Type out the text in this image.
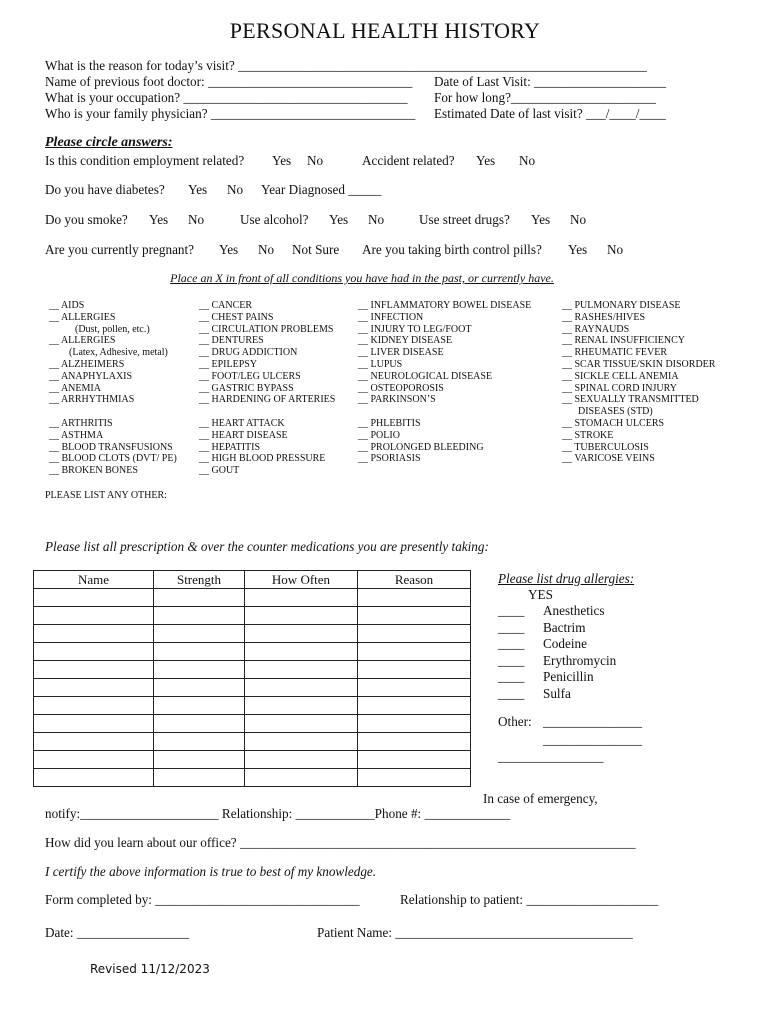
PERSONAL HEALTH HISTORY
What is the reason for today’s visit? ______________________________________________________________
Name of previous foot doctor: _______________________________ Date of Last Visit: ____________________
What is your occupation? __________________________________ For how long?______________________
Who is your family physician? _______________________________ Estimated Date of last visit? ___/____/____
Please circle answers:
Is this condition employment related? Yes No	Accident related? Yes No
Do you have diabetes? Yes No Year Diagnosed _____
Do you smoke? Yes No	Use alcohol? Yes No	Use street drugs? Yes No
Are you currently pregnant? Yes No Not Sure Are you taking birth control pills? Yes No
Place an X in front of all conditions you have had in the past, or currently have.
__ AIDS
__ ALLERGIES
(Dust, pollen, etc.)
__ ALLERGIES
(Latex, Adhesive, metal)
__ ALZHEIMERS
__ ANAPHYLAXIS
__ ANEMIA
__ ARRHYTHMIAS
__ ARTHRITIS
__ ASTHMA
__ BLOOD TRANSFUSIONS
__ BLOOD CLOTS (DVT/ PE)
__ BROKEN BONES
__ CANCER
__ CHEST PAINS
__ CIRCULATION PROBLEMS
__ DENTURES
__ DRUG ADDICTION
__ EPILEPSY
__ FOOT/LEG ULCERS
__ GASTRIC BYPASS
__ HARDENING OF ARTERIES
__ HEART ATTACK
__ HEART DISEASE
__ HEPATITIS
__ HIGH BLOOD PRESSURE
__ GOUT
__ INFLAMMATORY BOWEL DISEASE
__ INFECTION
__ INJURY TO LEG/FOOT
__ KIDNEY DISEASE
__ LIVER DISEASE
__ LUPUS
__ NEUROLOGICAL DISEASE
__ OSTEOPOROSIS
__ PARKINSON’S
__ PHLEBITIS
__ POLIO
__ PROLONGED BLEEDING
__ PSORIASIS
__ PULMONARY DISEASE
__ RASHES/HIVES
__ RAYNAUDS
__ RENAL INSUFFICIENCY
__ RHEUMATIC FEVER
__ SCAR TISSUE/SKIN DISORDER
__ SICKLE CELL ANEMIA
__ SPINAL CORD INJURY
__ SEXUALLY TRANSMITTED
DISEASES (STD)
__ STOMACH ULCERS
__ STROKE
__ TUBERCULOSIS
__ VARICOSE VEINS
PLEASE LIST ANY OTHER:
Please list all prescription & over the counter medications you are presently taking:
Name	Strength	How Often	Reason

				Please list drug allergies:
YES
____ Anesthetics
____ Bactrim
____ Codeine
____ Erythromycin
____ Penicillin
____ Sulfa
Other: _______________
_______________
________________
In case of emergency,
notify:_____________________ Relationship: ____________Phone #: _____________
How did you learn about our office? ____________________________________________________________
I certify the above information is true to best of my knowledge.
Form completed by: _______________________________	Relationship to patient: ____________________
Date: _________________	Patient Name: ____________________________________
Revised 11/12/2023
